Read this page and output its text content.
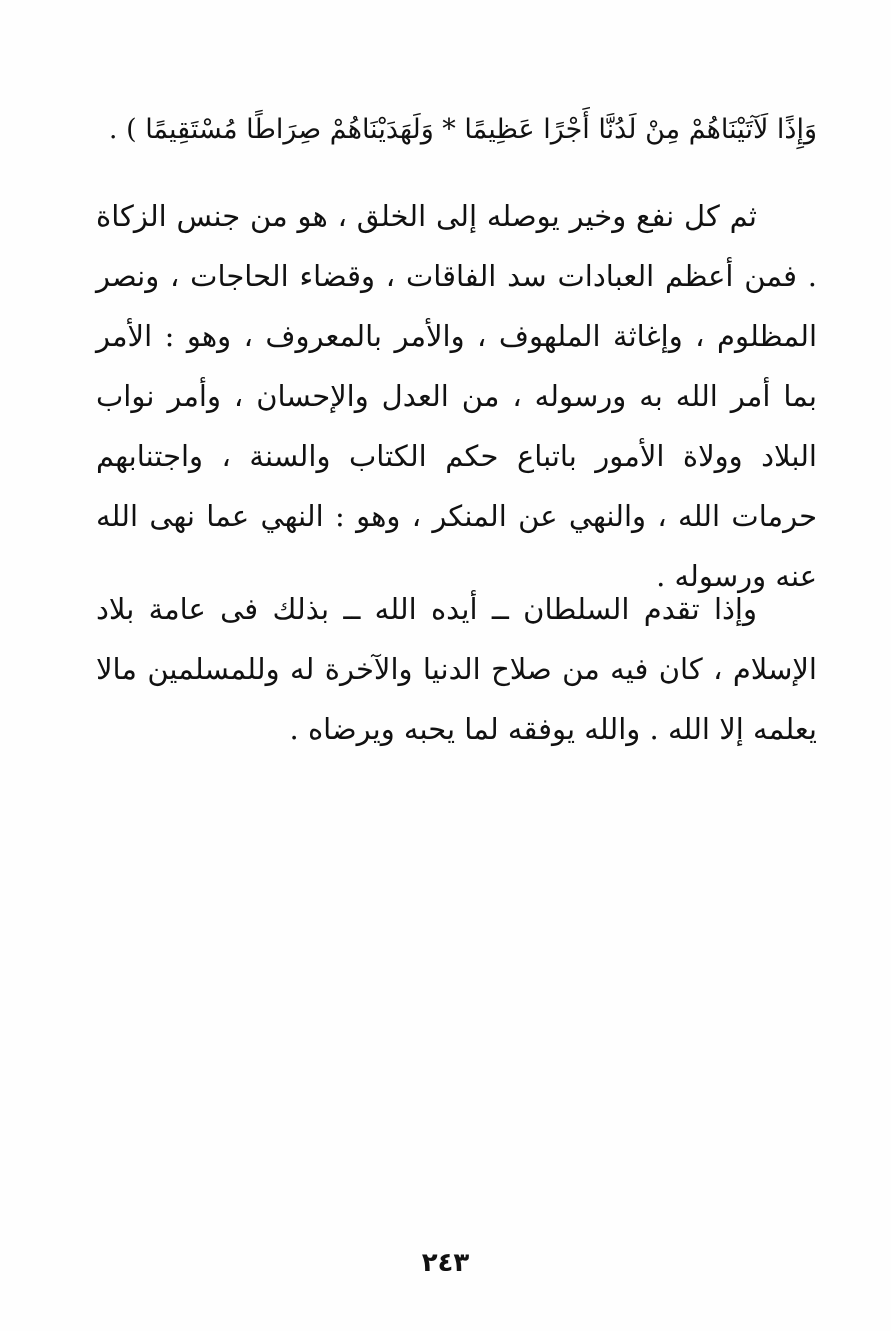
وَإِذًا لَآتَيْنَاهُمْ مِنْ لَدُنَّا أَجْرًا عَظِيمًا * وَلَهَدَيْنَاهُمْ صِرَاطًا مُسْتَقِيمًا ) .
ثم كل نفع وخير يوصله إلى الخلق ، هو من جنس الزكاة . فمن أعظم العبادات سد الفاقات ، وقضاء الحاجات ، ونصر المظلوم ، وإغاثة الملهوف ، والأمر بالمعروف ، وهو : الأمر بما أمر الله به ورسوله ، من العدل والإحسان ، وأمر نواب البلاد وولاة الأمور باتباع حكم الكتاب والسنة ، واجتنابهم حرمات الله ، والنهي عن المنكر ، وهو : النهي عما نهى الله عنه ورسوله .
وإذا تقدم السلطان ــ أيده الله ــ بذلك فى عامة بلاد الإسلام ، كان فيه من صلاح الدنيا والآخرة له وللمسلمين مالا يعلمه إلا الله . والله يوفقه لما يحبه ويرضاه .
٢٤٣
